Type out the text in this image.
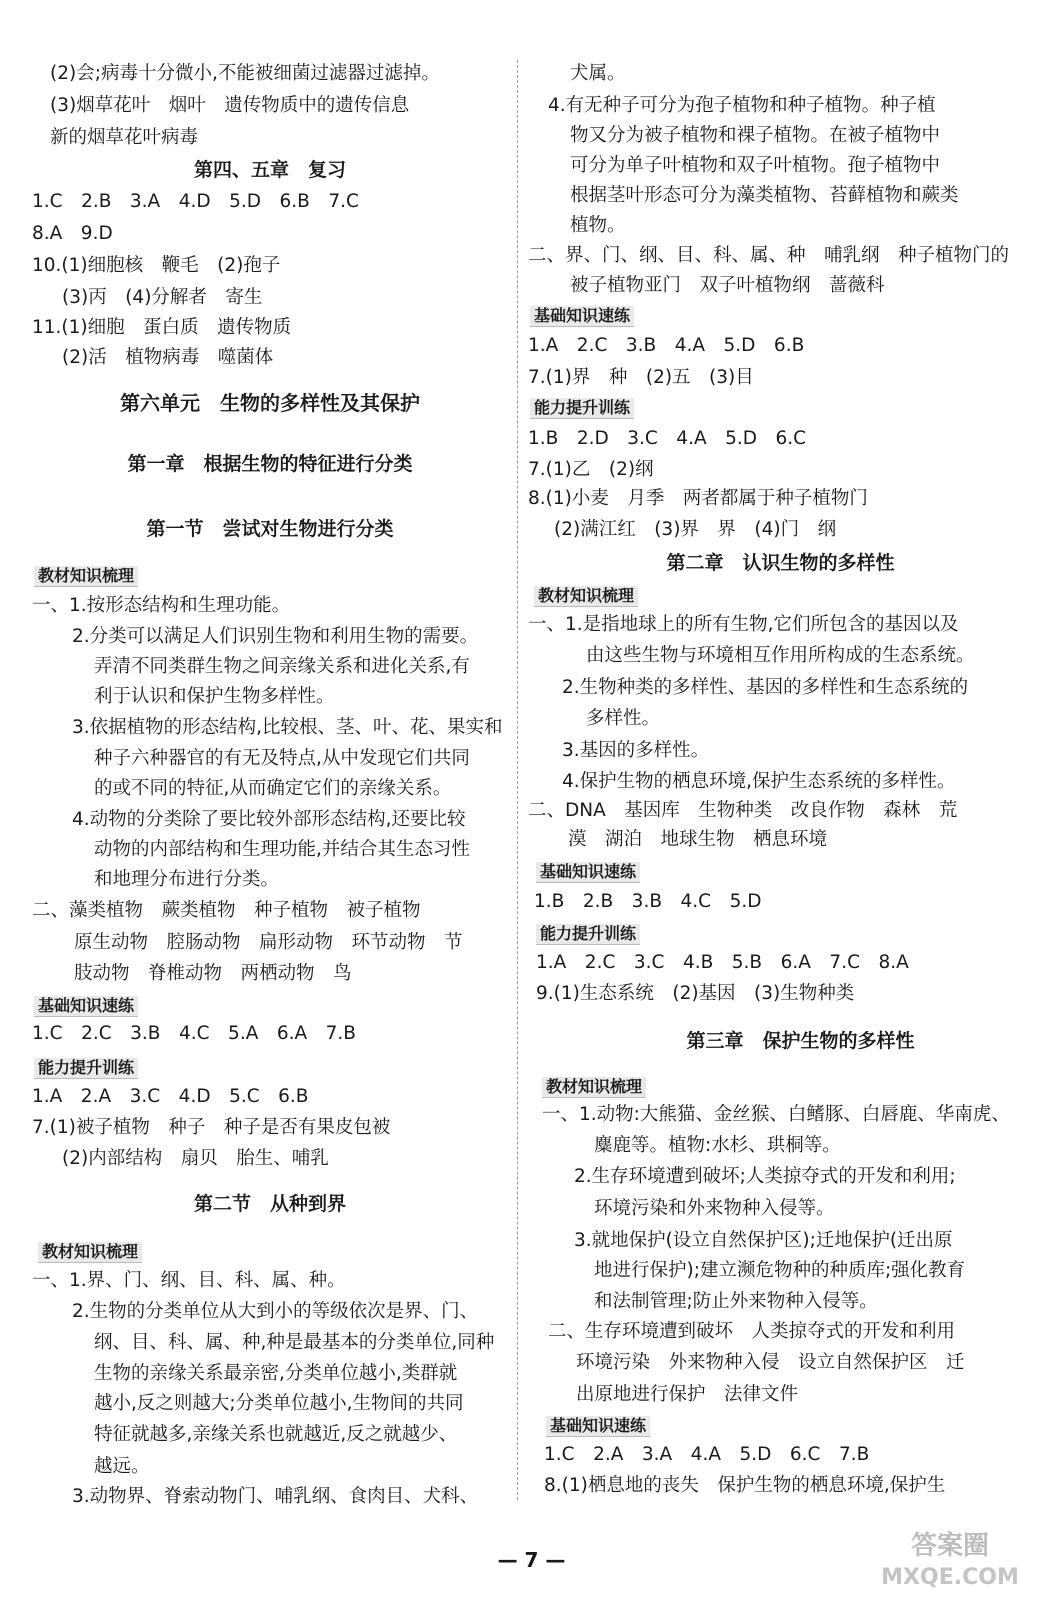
(2)会;病毒十分微小,不能被细菌过滤器过滤掉。
(3)烟草花叶　烟叶　遗传物质中的遗传信息
新的烟草花叶病毒
第四、五章　复习
1.C　2.B　3.A　4.D　5.D　6.B　7.C
8.A　9.D
10.(1)细胞核　鞭毛　(2)孢子
(3)丙　(4)分解者　寄生
11.(1)细胞　蛋白质　遗传物质
(2)活　植物病毒　噬菌体
第六单元　生物的多样性及其保护
第一章　根据生物的特征进行分类
第一节　尝试对生物进行分类
教材知识梳理
一、1.按形态结构和生理功能。
2.分类可以满足人们识别生物和利用生物的需要。
弄清不同类群生物之间亲缘关系和进化关系,有
利于认识和保护生物多样性。
3.依据植物的形态结构,比较根、茎、叶、花、果实和
种子六种器官的有无及特点,从中发现它们共同
的或不同的特征,从而确定它们的亲缘关系。
4.动物的分类除了要比较外部形态结构,还要比较
动物的内部结构和生理功能,并结合其生态习性
和地理分布进行分类。
二、藻类植物　蕨类植物　种子植物　被子植物
原生动物　腔肠动物　扁形动物　环节动物　节
肢动物　脊椎动物　两栖动物　鸟
基础知识速练
1.C　2.C　3.B　4.C　5.A　6.A　7.B
能力提升训练
1.A　2.A　3.C　4.D　5.C　6.B
7.(1)被子植物　种子　种子是否有果皮包被
(2)内部结构　扇贝　胎生、哺乳
第二节　从种到界
教材知识梳理
一、1.界、门、纲、目、科、属、种。
2.生物的分类单位从大到小的等级依次是界、门、
纲、目、科、属、种,种是最基本的分类单位,同种
生物的亲缘关系最亲密,分类单位越小,类群就
越小,反之则越大;分类单位越小,生物间的共同
特征就越多,亲缘关系也就越近,反之就越少、
越远。
3.动物界、脊索动物门、哺乳纲、食肉目、犬科、
犬属。
4.有无种子可分为孢子植物和种子植物。种子植
物又分为被子植物和裸子植物。在被子植物中
可分为单子叶植物和双子叶植物。孢子植物中
根据茎叶形态可分为藻类植物、苔藓植物和蕨类
植物。
二、界、门、纲、目、科、属、种　哺乳纲　种子植物门的
被子植物亚门　双子叶植物纲　蔷薇科
基础知识速练
1.A　2.C　3.B　4.A　5.D　6.B
7.(1)界　种　(2)五　(3)目
能力提升训练
1.B　2.D　3.C　4.A　5.D　6.C
7.(1)乙　(2)纲
8.(1)小麦　月季　两者都属于种子植物门
(2)满江红　(3)界　界　(4)门　纲
第二章　认识生物的多样性
教材知识梳理
一、1.是指地球上的所有生物,它们所包含的基因以及
由这些生物与环境相互作用所构成的生态系统。
2.生物种类的多样性、基因的多样性和生态系统的
多样性。
3.基因的多样性。
4.保护生物的栖息环境,保护生态系统的多样性。
二、DNA　基因库　生物种类　改良作物　森林　荒
漠　湖泊　地球生物　栖息环境
基础知识速练
1.B　2.B　3.B　4.C　5.D
能力提升训练
1.A　2.C　3.C　4.B　5.B　6.A　7.C　8.A
9.(1)生态系统　(2)基因　(3)生物种类
第三章　保护生物的多样性
教材知识梳理
一、1.动物:大熊猫、金丝猴、白鳍豚、白唇鹿、华南虎、
麋鹿等。植物:水杉、珙桐等。
2.生存环境遭到破坏;人类掠夺式的开发和利用;
环境污染和外来物种入侵等。
3.就地保护(设立自然保护区);迁地保护(迁出原
地进行保护);建立濒危物种的种质库;强化教育
和法制管理;防止外来物种入侵等。
二、生存环境遭到破坏　人类掠夺式的开发和利用
环境污染　外来物种入侵　设立自然保护区　迁
出原地进行保护　法律文件
基础知识速练
1.C　2.A　3.A　4.A　5.D　6.C　7.B
8.(1)栖息地的丧失　保护生物的栖息环境,保护生
— 7 —	答案圈
MXQE.COM
